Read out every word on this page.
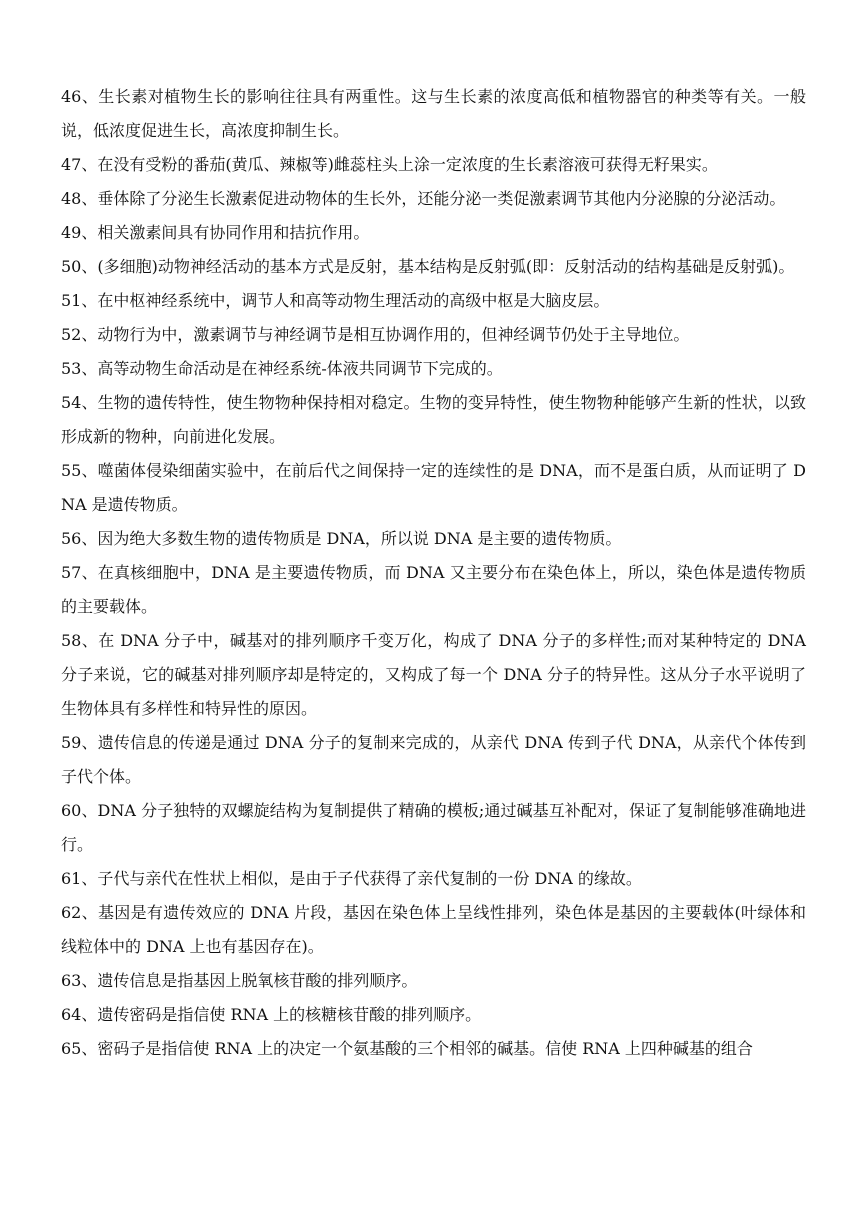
46、生长素对植物生长的影响往往具有两重性。这与生长素的浓度高低和植物器官的种类等有关。一般说，低浓度促进生长，高浓度抑制生长。

47、在没有受粉的番茄(黄瓜、辣椒等)雌蕊柱头上涂一定浓度的生长素溶液可获得无籽果实。

48、垂体除了分泌生长激素促进动物体的生长外，还能分泌一类促激素调节其他内分泌腺的分泌活动。

49、相关激素间具有协同作用和拮抗作用。

50、(多细胞)动物神经活动的基本方式是反射，基本结构是反射弧(即：反射活动的结构基础是反射弧)。

51、在中枢神经系统中，调节人和高等动物生理活动的高级中枢是大脑皮层。

52、动物行为中，激素调节与神经调节是相互协调作用的，但神经调节仍处于主导地位。

53、高等动物生命活动是在神经系统-体液共同调节下完成的。

54、生物的遗传特性，使生物物种保持相对稳定。生物的变异特性，使生物物种能够产生新的性状，以致形成新的物种，向前进化发展。

55、噬菌体侵染细菌实验中，在前后代之间保持一定的连续性的是 DNA，而不是蛋白质，从而证明了 DNA 是遗传物质。

56、因为绝大多数生物的遗传物质是 DNA，所以说 DNA 是主要的遗传物质。

57、在真核细胞中，DNA 是主要遗传物质，而 DNA 又主要分布在染色体上，所以，染色体是遗传物质的主要载体。

58、在 DNA 分子中，碱基对的排列顺序千变万化，构成了 DNA 分子的多样性;而对某种特定的 DNA 分子来说，它的碱基对排列顺序却是特定的，又构成了每一个 DNA 分子的特异性。这从分子水平说明了生物体具有多样性和特异性的原因。

59、遗传信息的传递是通过 DNA 分子的复制来完成的，从亲代 DNA 传到子代 DNA，从亲代个体传到子代个体。

60、DNA 分子独特的双螺旋结构为复制提供了精确的模板;通过碱基互补配对，保证了复制能够准确地进行。

61、子代与亲代在性状上相似，是由于子代获得了亲代复制的一份 DNA 的缘故。

62、基因是有遗传效应的 DNA 片段，基因在染色体上呈线性排列，染色体是基因的主要载体(叶绿体和线粒体中的 DNA 上也有基因存在)。

63、遗传信息是指基因上脱氧核苷酸的排列顺序。

64、遗传密码是指信使 RNA 上的核糖核苷酸的排列顺序。

65、密码子是指信使 RNA 上的决定一个氨基酸的三个相邻的碱基。信使 RNA 上四种碱基的组合
